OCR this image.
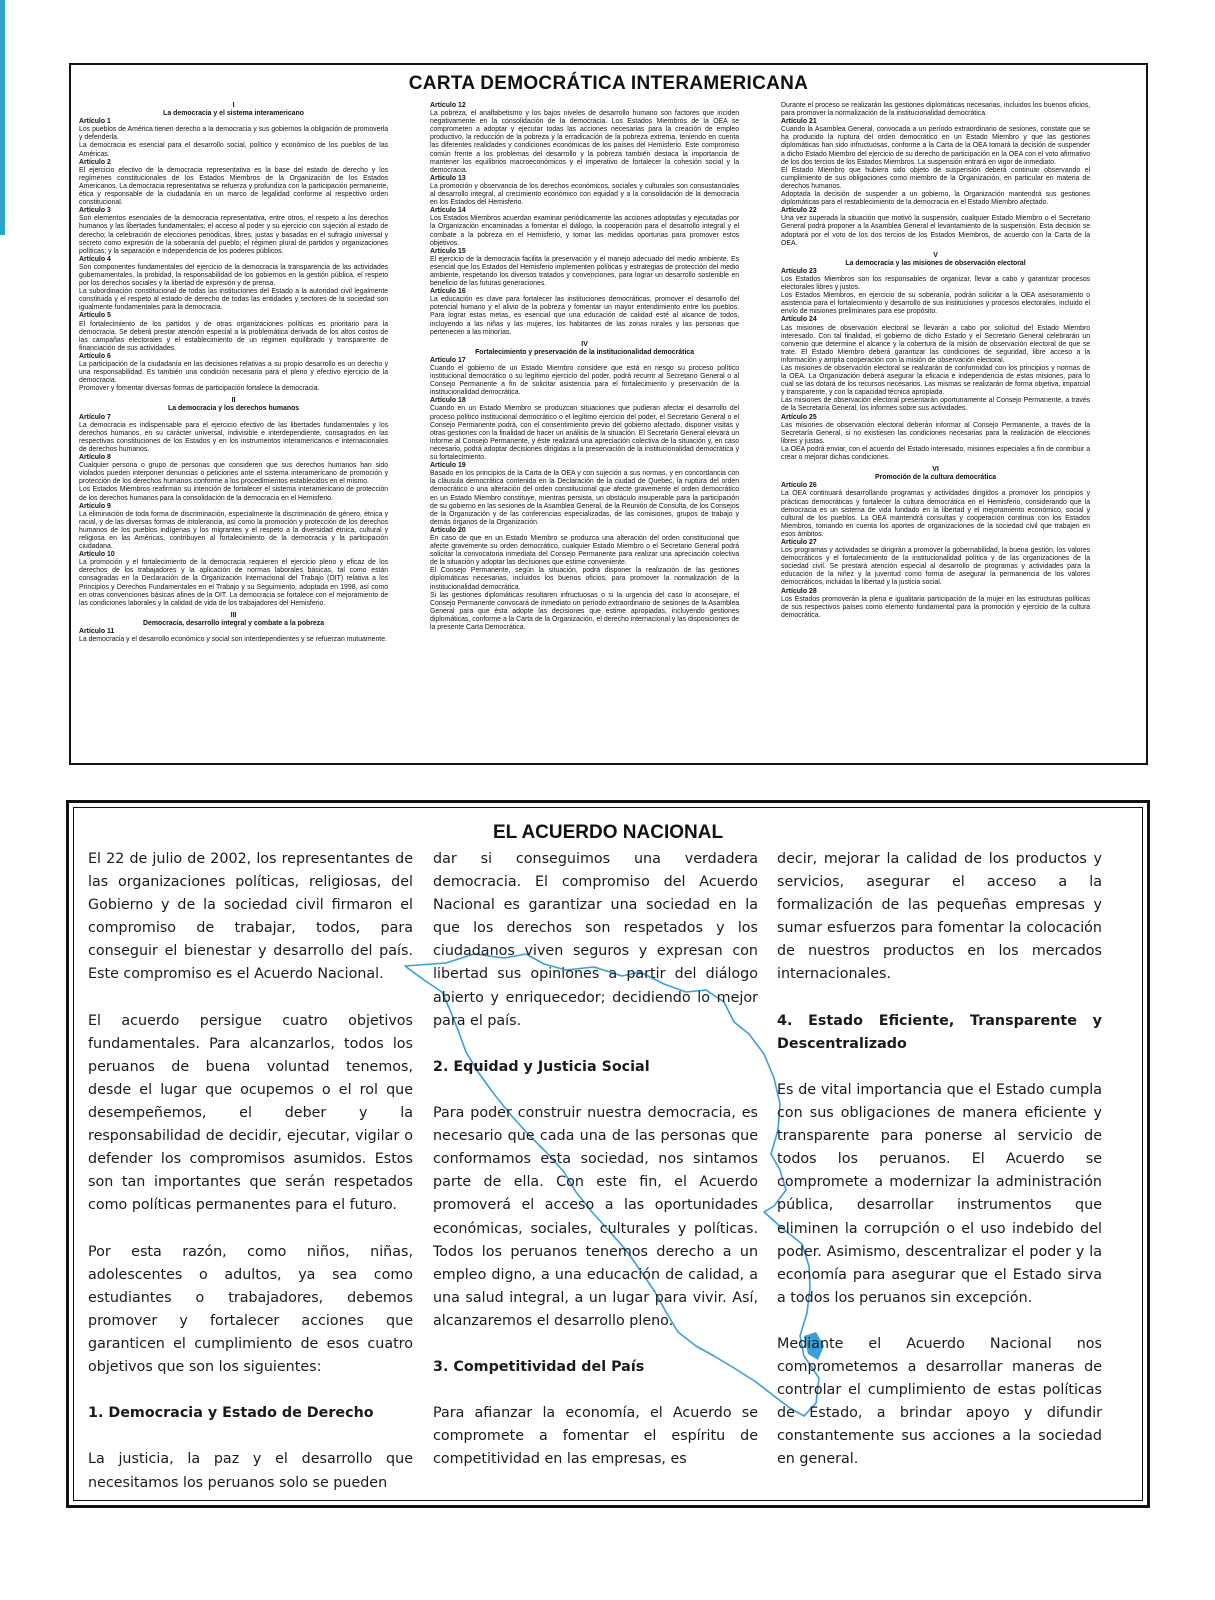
CARTA DEMOCRÁTICA INTERAMERICANA
I
La democracia y el sistema interamericano
Artículo 1
Los pueblos de América tienen derecho a la democracia y sus gobiernos la obligación de promoverla y defenderla.
La democracia es esencial para el desarrollo social, político y económico de los pueblos de las Américas.
Artículo 2
El ejercicio efectivo de la democracia representativa es la base del estado de derecho y los regímenes constitucionales de los Estados Miembros de la Organización de los Estados Americanos. La democracia representativa se refuerza y profundiza con la participación permanente, ética y responsable de la ciudadanía en un marco de legalidad conforme al respectivo orden constitucional.
Artículo 3
Son elementos esenciales de la democracia representativa, entre otros, el respeto a los derechos humanos y las libertades fundamentales; el acceso al poder y su ejercicio con sujeción al estado de derecho; la celebración de elecciones periódicas, libres, justas y basadas en el sufragio universal y secreto como expresión de la soberanía del pueblo; el régimen plural de partidos y organizaciones políticas; y la separación e independencia de los poderes públicos.
Artículo 4
Son componentes fundamentales del ejercicio de la democracia la transparencia de las actividades gubernamentales, la probidad, la responsabilidad de los gobiernos en la gestión pública, el respeto por los derechos sociales y la libertad de expresión y de prensa.
La subordinación constitucional de todas las instituciones del Estado a la autoridad civil legalmente constituida y el respeto al estado de derecho de todas las entidades y sectores de la sociedad son igualmente fundamentales para la democracia.
Artículo 5
El fortalecimiento de los partidos y de otras organizaciones políticas es prioritario para la democracia. Se deberá prestar atención especial a la problemática derivada de los altos costos de las campañas electorales y el establecimiento de un régimen equilibrado y transparente de financiación de sus actividades.
Artículo 6
La participación de la ciudadanía en las decisiones relativas a su propio desarrollo es un derecho y una responsabilidad. Es también una condición necesaria para el pleno y efectivo ejercicio de la democracia.
Promover y fomentar diversas formas de participación fortalece la democracia.
II
La democracia y los derechos humanos
Artículo 7
La democracia es indispensable para el ejercicio efectivo de las libertades fundamentales y los derechos humanos, en su carácter universal, indivisible e interdependiente, consagrados en las respectivas constituciones de los Estados y en los instrumentos interamericanos e internacionales de derechos humanos.
Artículo 8
Cualquier persona o grupo de personas que consideren que sus derechos humanos han sido violados pueden interponer denuncias o peticiones ante el sistema interamericano de promoción y protección de los derechos humanos conforme a los procedimientos establecidos en el mismo.
Los Estados Miembros reafirman su intención de fortalecer el sistema interamericano de protección de los derechos humanos para la consolidación de la democracia en el Hemisferio.
Artículo 9
La eliminación de toda forma de discriminación, especialmente la discriminación de género, étnica y racial, y de las diversas formas de intolerancia, así como la promoción y protección de los derechos humanos de los pueblos indígenas y los migrantes y el respeto a la diversidad étnica, cultural y religiosa en las Américas, contribuyen al fortalecimiento de la democracia y la participación ciudadana.
Artículo 10
La promoción y el fortalecimiento de la democracia requieren el ejercicio pleno y eficaz de los derechos de los trabajadores y la aplicación de normas laborales básicas, tal como están consagradas en la Declaración de la Organización Internacional del Trabajo (OIT) relativa a los Principios y Derechos Fundamentales en el Trabajo y su Seguimiento, adoptada en 1998, así como en otras convenciones básicas afines de la OIT. La democracia se fortalece con el mejoramiento de las condiciones laborales y la calidad de vida de los trabajadores del Hemisferio.
III
Democracia, desarrollo integral y combate a la pobreza
Artículo 11
La democracia y el desarrollo económico y social son interdependientes y se refuerzan mutuamente.
Artículo 12
La pobreza, el analfabetismo y los bajos niveles de desarrollo humano son factores que inciden negativamente en la consolidación de la democracia. Los Estados Miembros de la OEA se comprometen a adoptar y ejecutar todas las acciones necesarias para la creación de empleo productivo, la reducción de la pobreza y la erradicación de la pobreza extrema, teniendo en cuenta las diferentes realidades y condiciones económicas de los países del Hemisferio. Este compromiso común frente a los problemas del desarrollo y la pobreza también destaca la importancia de mantener los equilibrios macroeconómicos y el imperativo de fortalecer la cohesión social y la democracia.
Artículo 13
La promoción y observancia de los derechos económicos, sociales y culturales son consustanciales al desarrollo integral, al crecimiento económico con equidad y a la consolidación de la democracia en los Estados del Hemisferio.
Artículo 14
Los Estados Miembros acuerdan examinar periódicamente las acciones adoptadas y ejecutadas por la Organización encaminadas a fomentar el diálogo, la cooperación para el desarrollo integral y el combate a la pobreza en el Hemisferio, y tomar las medidas oportunas para promover estos objetivos.
Artículo 15
El ejercicio de la democracia facilita la preservación y el manejo adecuado del medio ambiente. Es esencial que los Estados del Hemisferio implementen políticas y estrategias de protección del medio ambiente, respetando los diversos tratados y convenciones, para lograr un desarrollo sostenible en beneficio de las futuras generaciones.
Artículo 16
La educación es clave para fortalecer las instituciones democráticas, promover el desarrollo del potencial humano y el alivio de la pobreza y fomentar un mayor entendimiento entre los pueblos. Para lograr estas metas, es esencial que una educación de calidad esté al alcance de todos, incluyendo a las niñas y las mujeres, los habitantes de las zonas rurales y las personas que pertenecen a las minorías.
IV
Fortalecimiento y preservación de la institucionalidad democrática
Artículo 17
Cuando el gobierno de un Estado Miembro considere que está en riesgo su proceso político institucional democrático o su legítimo ejercicio del poder, podrá recurrir al Secretario General o al Consejo Permanente a fin de solicitar asistencia para el fortalecimiento y preservación de la institucionalidad democrática.
Artículo 18
Cuando en un Estado Miembro se produzcan situaciones que pudieran afectar el desarrollo del proceso político institucional democrático o el legítimo ejercicio del poder, el Secretario General o el Consejo Permanente podrá, con el consentimiento previo del gobierno afectado, disponer visitas y otras gestiones con la finalidad de hacer un análisis de la situación. El Secretario General elevará un informe al Consejo Permanente, y éste realizará una apreciación colectiva de la situación y, en caso necesario, podrá adoptar decisiones dirigidas a la preservación de la institucionalidad democrática y su fortalecimiento.
Artículo 19
Basado en los principios de la Carta de la OEA y con sujeción a sus normas, y en concordancia con la cláusula democrática contenida en la Declaración de la ciudad de Quebec, la ruptura del orden democrático o una alteración del orden constitucional que afecte gravemente el orden democrático en un Estado Miembro constituye, mientras persista, un obstáculo insuperable para la participación de su gobierno en las sesiones de la Asamblea General, de la Reunión de Consulta, de los Consejos de la Organización y de las conferencias especializadas, de las comisiones, grupos de trabajo y demás órganos de la Organización.
Artículo 20
En caso de que en un Estado Miembro se produzca una alteración del orden constitucional que afecte gravemente su orden democrático, cualquier Estado Miembro o el Secretario General podrá solicitar la convocatoria inmediata del Consejo Permanente para realizar una apreciación colectiva de la situación y adoptar las decisiones que estime conveniente.
El Consejo Permanente, según la situación, podrá disponer la realización de las gestiones diplomáticas necesarias, incluidos los buenos oficios, para promover la normalización de la institucionalidad democrática.
Si las gestiones diplomáticas resultaren infructuosas o si la urgencia del caso lo aconsejare, el Consejo Permanente convocará de inmediato un período extraordinario de sesiones de la Asamblea General para que ésta adopte las decisiones que estime apropiadas, incluyendo gestiones diplomáticas, conforme a la Carta de la Organización, el derecho internacional y las disposiciones de la presente Carta Democrática.
Durante el proceso se realizarán las gestiones diplomáticas necesarias, incluidos los buenos oficios, para promover la normalización de la institucionalidad democrática.
Artículo 21
Cuando la Asamblea General, convocada a un período extraordinario de sesiones, constate que se ha producido la ruptura del orden democrático en un Estado Miembro y que las gestiones diplomáticas han sido infructuosas, conforme a la Carta de la OEA tomará la decisión de suspender a dicho Estado Miembro del ejercicio de su derecho de participación en la OEA con el voto afirmativo de los dos tercios de los Estados Miembros. La suspensión entrará en vigor de inmediato.
El Estado Miembro que hubiera sido objeto de suspensión deberá continuar observando el cumplimiento de sus obligaciones como miembro de la Organización, en particular en materia de derechos humanos.
Adoptada la decisión de suspender a un gobierno, la Organización mantendrá sus gestiones diplomáticas para el restablecimiento de la democracia en el Estado Miembro afectado.
Artículo 22
Una vez superada la situación que motivó la suspensión, cualquier Estado Miembro o el Secretario General podrá proponer a la Asamblea General el levantamiento de la suspensión. Esta decisión se adoptará por el voto de los dos tercios de los Estados Miembros, de acuerdo con la Carta de la OEA.
V
La democracia y las misiones de observación electoral
Artículo 23
Los Estados Miembros son los responsables de organizar, llevar a cabo y garantizar procesos electorales libres y justos.
Los Estados Miembros, en ejercicio de su soberanía, podrán solicitar a la OEA asesoramiento o asistencia para el fortalecimiento y desarrollo de sus instituciones y procesos electorales, incluido el envío de misiones preliminares para ese propósito.
Artículo 24
Las misiones de observación electoral se llevarán a cabo por solicitud del Estado Miembro interesado. Con tal finalidad, el gobierno de dicho Estado y el Secretario General celebrarán un convenio que determine el alcance y la cobertura de la misión de observación electoral de que se trate. El Estado Miembro deberá garantizar las condiciones de seguridad, libre acceso a la información y amplia cooperación con la misión de observación electoral.
Las misiones de observación electoral se realizarán de conformidad con los principios y normas de la OEA. La Organización deberá asegurar la eficacia e independencia de estas misiones, para lo cual se las dotará de los recursos necesarios. Las mismas se realizarán de forma objetiva, imparcial y transparente, y con la capacidad técnica apropiada.
Las misiones de observación electoral presentarán oportunamente al Consejo Permanente, a través de la Secretaría General, los informes sobre sus actividades.
Artículo 25
Las misiones de observación electoral deberán informar al Consejo Permanente, a través de la Secretaría General, si no existiesen las condiciones necesarias para la realización de elecciones libres y justas.
La OEA podrá enviar, con el acuerdo del Estado interesado, misiones especiales a fin de contribuir a crear o mejorar dichas condiciones.
VI
Promoción de la cultura democrática
Artículo 26
La OEA continuará desarrollando programas y actividades dirigidos a promover los principios y prácticas democráticas y fortalecer la cultura democrática en el Hemisferio, considerando que la democracia es un sistema de vida fundado en la libertad y el mejoramiento económico, social y cultural de los pueblos. La OEA mantendrá consultas y cooperación continua con los Estados Miembros, tomando en cuenta los aportes de organizaciones de la sociedad civil que trabajen en esos ámbitos.
Artículo 27
Los programas y actividades se dirigirán a promover la gobernabilidad, la buena gestión, los valores democráticos y el fortalecimiento de la institucionalidad política y de las organizaciones de la sociedad civil. Se prestará atención especial al desarrollo de programas y actividades para la educación de la niñez y la juventud como forma de asegurar la permanencia de los valores democráticos, incluidas la libertad y la justicia social.
Artículo 28
Los Estados promoverán la plena e igualitaria participación de la mujer en las estructuras políticas de sus respectivos países como elemento fundamental para la promoción y ejercicio de la cultura democrática.
EL ACUERDO NACIONAL

El 22 de julio de 2002, los representantes de las organizaciones políticas, religiosas, del Gobierno y de la sociedad civil firmaron el compromiso de trabajar, todos, para conseguir el bienestar y desarrollo del país. Este compromiso es el Acuerdo Nacional.

El acuerdo persigue cuatro objetivos fundamentales. Para alcanzarlos, todos los peruanos de buena voluntad tenemos, desde el lugar que ocupemos o el rol que desempeñemos, el deber y la responsabilidad de decidir, ejecutar, vigilar o defender los compromisos asumidos. Estos son tan importantes que serán respetados como políticas permanentes para el futuro.

Por esta razón, como niños, niñas, adolescentes o adultos, ya sea como estudiantes o trabajadores, debemos promover y fortalecer acciones que garanticen el cumplimiento de esos cuatro objetivos que son los siguientes:

1. Democracia y Estado de Derecho

La justicia, la paz y el desarrollo que necesitamos los peruanos solo se pueden

dar si conseguimos una verdadera democracia. El compromiso del Acuerdo Nacional es garantizar una sociedad en la que los derechos son respetados y los ciudadanos viven seguros y expresan con libertad sus opiniones a partir del diálogo abierto y enriquecedor; decidiendo lo mejor para el país.

2. Equidad y Justicia Social

Para poder construir nuestra democracia, es necesario que cada una de las personas que conformamos esta sociedad, nos sintamos parte de ella. Con este fin, el Acuerdo promoverá el acceso a las oportunidades económicas, sociales, culturales y políticas. Todos los peruanos tenemos derecho a un empleo digno, a una educación de calidad, a una salud integral, a un lugar para vivir. Así, alcanzaremos el desarrollo pleno.

3. Competitividad del País

Para afianzar la economía, el Acuerdo se compromete a fomentar el espíritu de competitividad en las empresas, es

decir, mejorar la calidad de los productos y servicios, asegurar el acceso a la formalización de las pequeñas empresas y sumar esfuerzos para fomentar la colocación de nuestros productos en los mercados internacionales.

4. Estado Eficiente, Transparente y Descentralizado

Es de vital importancia que el Estado cumpla con sus obligaciones de manera eficiente y transparente para ponerse al servicio de todos los peruanos. El Acuerdo se compromete a modernizar la administración pública, desarrollar instrumentos que eliminen la corrupción o el uso indebido del poder. Asimismo, descentralizar el poder y la economía para asegurar que el Estado sirva a todos los peruanos sin excepción.

Mediante el Acuerdo Nacional nos comprometemos a desarrollar maneras de controlar el cumplimiento de estas políticas de Estado, a brindar apoyo y difundir constantemente sus acciones a la sociedad en general.
